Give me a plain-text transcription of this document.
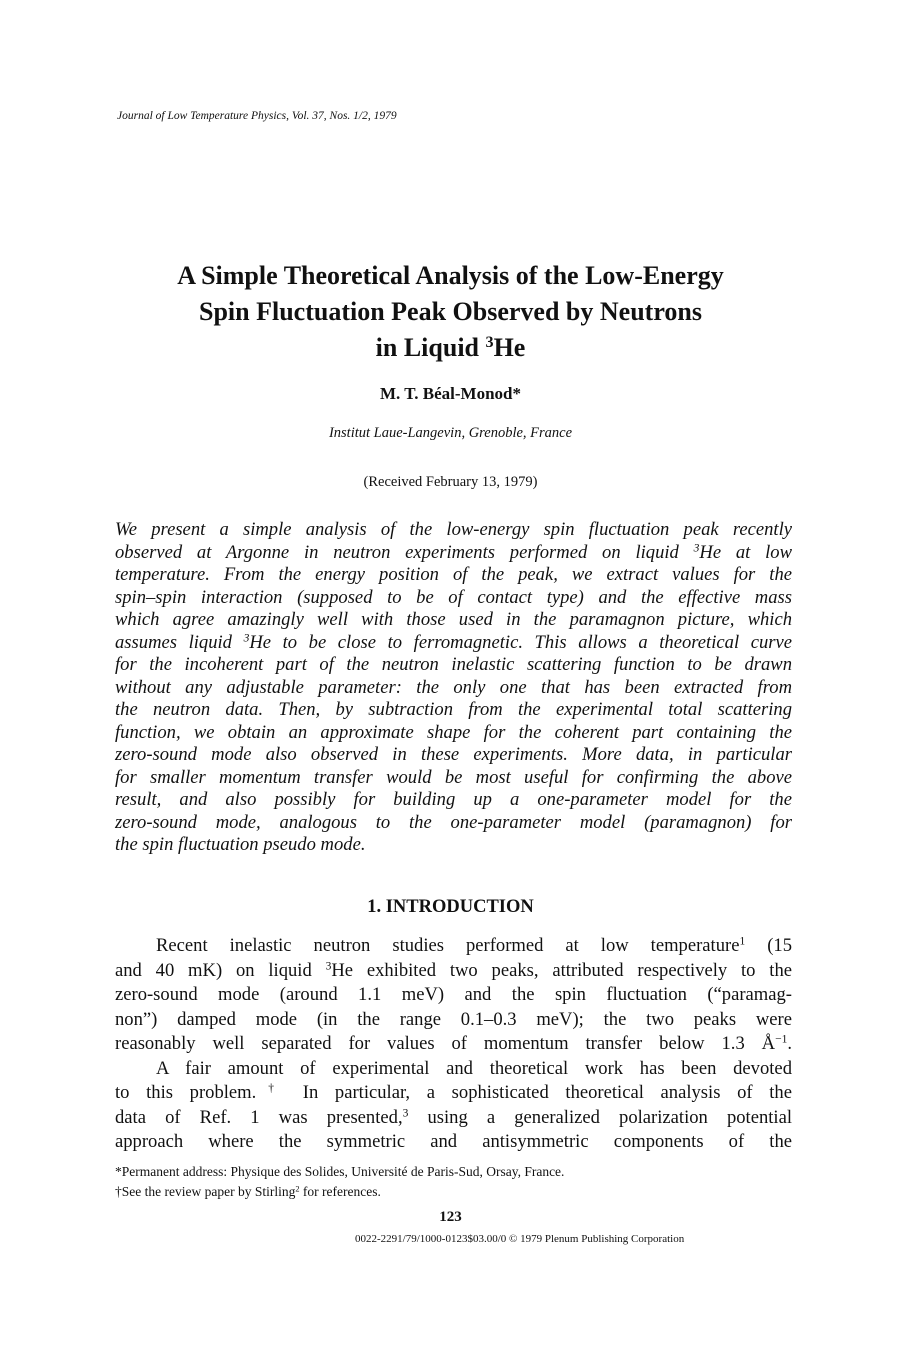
Journal of Low Temperature Physics, Vol. 37, Nos. 1/2, 1979
A Simple Theoretical Analysis of the Low-Energy
Spin Fluctuation Peak Observed by Neutrons
in Liquid $^3$He
M. T. Béal-Monod*
Institut Laue-Langevin, Grenoble, France
(Received February 13, 1979)
We present a simple analysis of the low-energy spin fluctuation peak recently
observed at Argonne in neutron experiments performed on liquid $^3$He at low
temperature. From the energy position of the peak, we extract values for the
spin–spin interaction (supposed to be of contact type) and the effective mass
which agree amazingly well with those used in the paramagnon picture, which
assumes liquid $^3$He to be close to ferromagnetic. This allows a theoretical curve
for the incoherent part of the neutron inelastic scattering function to be drawn
without any adjustable parameter: the only one that has been extracted from
the neutron data. Then, by subtraction from the experimental total scattering
function, we obtain an approximate shape for the coherent part containing the
zero-sound mode also observed in these experiments. More data, in particular
for smaller momentum transfer would be most useful for confirming the above
result, and also possibly for building up a one-parameter model for the
zero-sound mode, analogous to the one-parameter model (paramagnon) for
the spin fluctuation pseudo mode.
1. INTRODUCTION
Recent inelastic neutron studies performed at low temperature$^1$ (15
and 40 mK) on liquid $^3$He exhibited two peaks, attributed respectively to the
zero-sound mode (around 1.1 meV) and the spin fluctuation (“paramag-
non”) damped mode (in the range 0.1–0.3 meV); the two peaks were
reasonably well separated for values of momentum transfer below 1.3 $Å^{-1}$.
A fair amount of experimental and theoretical work has been devoted
to this problem.† In particular, a sophisticated theoretical analysis of the
data of Ref. 1 was presented,$^3$ using a generalized polarization potential
approach where the symmetric and antisymmetric components of the
*Permanent address: Physique des Solides, Université de Paris-Sud, Orsay, France.
†See the review paper by Stirling$^2$ for references.
123
0022-2291/79/1000-0123$03.00/0 © 1979 Plenum Publishing Corporation
